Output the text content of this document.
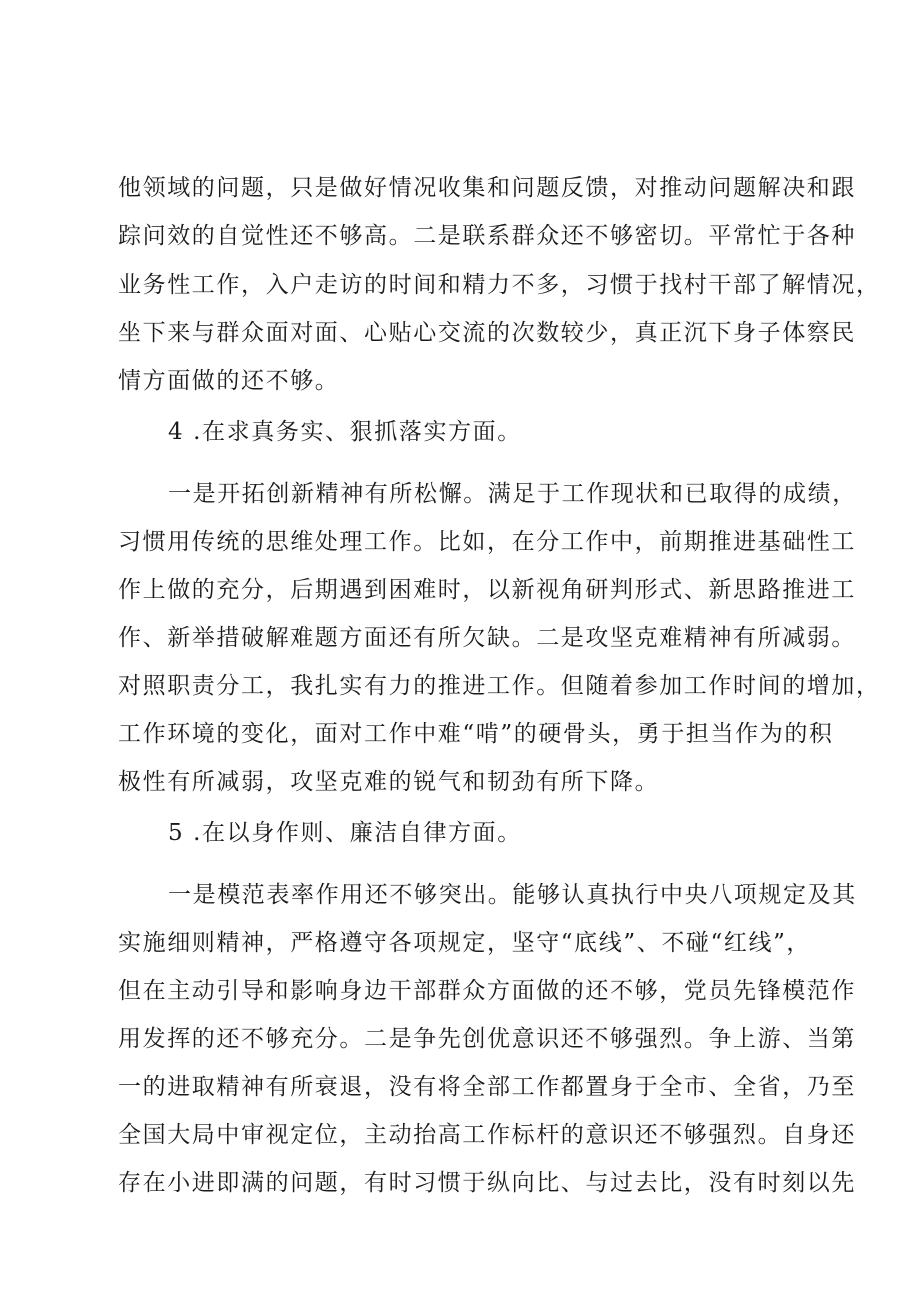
他领域的问题，只是做好情况收集和问题反馈，对推动问题解决和跟
踪问效的自觉性还不够高。二是联系群众还不够密切。平常忙于各种
业务性工作，入户走访的时间和精力不多，习惯于找村干部了解情况，
坐下来与群众面对面、心贴心交流的次数较少，真正沉下身子体察民
情方面做的还不够。
4 .在求真务实、狠抓落实方面。
一是开拓创新精神有所松懈。满足于工作现状和已取得的成绩，
习惯用传统的思维处理工作。比如，在分工作中，前期推进基础性工
作上做的充分，后期遇到困难时，以新视角研判形式、新思路推进工
作、新举措破解难题方面还有所欠缺。二是攻坚克难精神有所减弱。
对照职责分工，我扎实有力的推进工作。但随着参加工作时间的增加，
工作环境的变化，面对工作中难“啃”的硬骨头，勇于担当作为的积
极性有所减弱，攻坚克难的锐气和韧劲有所下降。
5 .在以身作则、廉洁自律方面。
一是模范表率作用还不够突出。能够认真执行中央八项规定及其
实施细则精神，严格遵守各项规定，坚守“底线”、不碰“红线”，
但在主动引导和影响身边干部群众方面做的还不够，党员先锋模范作
用发挥的还不够充分。二是争先创优意识还不够强烈。争上游、当第
一的进取精神有所衰退，没有将全部工作都置身于全市、全省，乃至
全国大局中审视定位，主动抬高工作标杆的意识还不够强烈。自身还
存在小进即满的问题，有时习惯于纵向比、与过去比，没有时刻以先
